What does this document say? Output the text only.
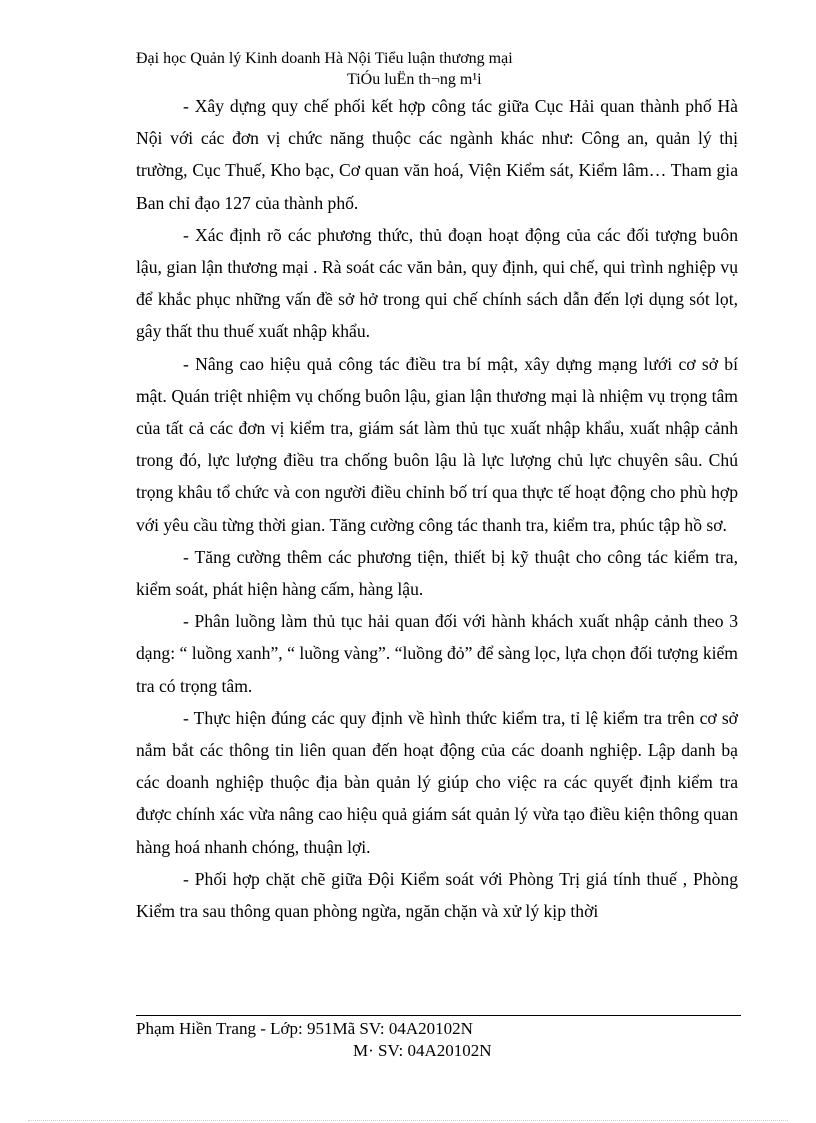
Đại học Quản lý Kinh doanh Hà Nội Tiểu luận thương mại
TiÓu luËn th¬ng m¹i

- Xây dựng quy chế phối kết hợp công tác giữa Cục Hải quan thành phố Hà Nội với các đơn vị chức năng thuộc các ngành khác như: Công an, quản lý thị trường, Cục Thuế, Kho bạc, Cơ quan văn hoá, Viện Kiểm sát, Kiểm lâm… Tham gia Ban chỉ đạo 127 của thành phố.

- Xác định rõ các phương thức, thủ đoạn hoạt động của các đối tượng buôn lậu, gian lận thương mại . Rà soát các văn bản, quy định, qui chế, qui trình nghiệp vụ để khắc phục những vấn đề sở hở trong qui chế chính sách dẫn đến lợi dụng sót lọt, gây thất thu thuế xuất nhập khẩu.

- Nâng cao hiệu quả công tác điều tra bí mật, xây dựng mạng lưới cơ sở bí mật. Quán triệt nhiệm vụ chống buôn lậu, gian lận thương mại là nhiệm vụ trọng tâm của tất cả các đơn vị kiểm tra, giám sát làm thủ tục xuất nhập khẩu, xuất nhập cảnh trong đó, lực lượng điều tra chống buôn lậu là lực lượng chủ lực chuyên sâu. Chú trọng khâu tổ chức và con người điều chỉnh bố trí qua thực tế hoạt động cho phù hợp với yêu cầu từng thời gian. Tăng cường công tác thanh tra, kiểm tra, phúc tập hồ sơ.

- Tăng cường thêm các phương tiện, thiết bị kỹ thuật cho công tác kiểm tra, kiểm soát, phát hiện hàng cấm, hàng lậu.

- Phân luồng làm thủ tục hải quan đối với hành khách xuất nhập cảnh theo 3 dạng: “ luồng xanh”, “ luồng vàng”. “luồng đỏ” để sàng lọc, lựa chọn đối tượng kiểm tra có trọng tâm.

- Thực hiện đúng các quy định về hình thức kiểm tra, tỉ lệ kiểm tra trên cơ sở nắm bắt các thông tin liên quan đến hoạt động của các doanh nghiệp. Lập danh bạ các doanh nghiệp thuộc địa bàn quản lý giúp cho việc ra các quyết định kiểm tra được chính xác vừa nâng cao hiệu quả giám sát quản lý vừa tạo điều kiện thông quan hàng hoá nhanh chóng, thuận lợi.

- Phối hợp chặt chẽ giữa Đội Kiểm soát với Phòng Trị giá tính thuế , Phòng Kiểm tra sau thông quan phòng ngừa, ngăn chặn và xử lý kịp thời

Phạm Hiền Trang - Lớp: 951Mã SV: 04A20102N
M· SV: 04A20102N
